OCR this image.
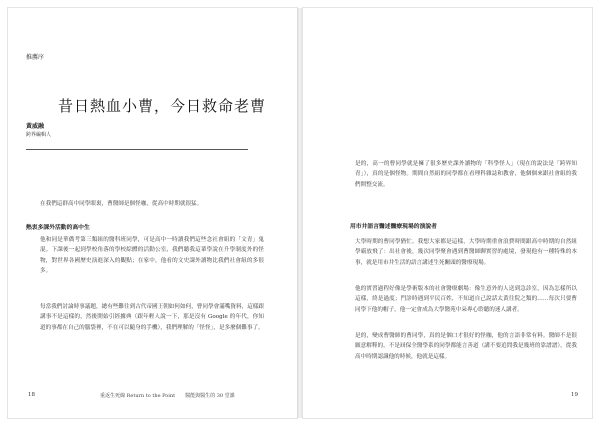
推薦序
昔日熱血小曹，今日救命老曹
黃威融
跨界編輯人
在我們這群高中同學眼裏，曹醫師是個怪咖，從高中時期就很猛。
熱衷多課外活動的高中生
他和同是華僑考第三類組的醫科班同學，可是高中一時讀我們這些念社會組的「文青」鬼混。下課後一起到學校角落的學校綜體的活動公室，我們聽我這輩學說在升學制度外的怪物，對世界各國歷史演進深入的觀點；在家中，他看的文史課外讀物比我們社會組的多很多。
每當我們討論時事議題，總有些難往到古代帝國王朝如何如何，曹同學會滿嘴資料，這樣跟講事不是這樣的，然後開始引經據典（跟年輕人說一下，那是沒有 Google 的年代，你知道的事都在自己的腦袋裡，不在可以隨身的手機），我們理解的「怪怪」，是多麼個難事了。
18	重返生死線 Return to the Point　　醫能與醫生的 30 堂課
是的，高一的曹同學就是擁了很多歷史課外讀物的「科學怪人」（現在的說法是「跨界知青」），真的是個怪物。期間自然組的同學都在看理科雜誌和教會，他個個來跟社會組的我們開整交流。
用市井語言醫述醫療現場的演說者
大學時期的曹同學猶忙。我想大家都是這樣，大學時期重會浪費時間跟高中時期的自然組學霸放飛了：出社會後，幾次同學聚會遇到曹醫師聊實習的處境，發現他有一種特殊的本事，就是用市井生活的語言講述生死關頭的醫療現場。
他的實習過程好像是學術版本的社會醫療劇場：像生意外的人送到急診室，因為怎樣所以這樣，終是過度；門診時遇到平民百姓，不知道自己說話太黃往院之類的……每次只要曹同學下他的帽子，他一定會成為大學醫苑中朵專心聆聽的迷人講者。
是的，變成曹醫師的曹同學，真的是個口才很好的怪咖，他的言語非常有料。醫師不是很願意解釋的，不是屆保全醫學系的同學都能言善道（講不要追問我是幾班的靠譜譜），從我高中時期認識他的時候，他就是這樣。
19
